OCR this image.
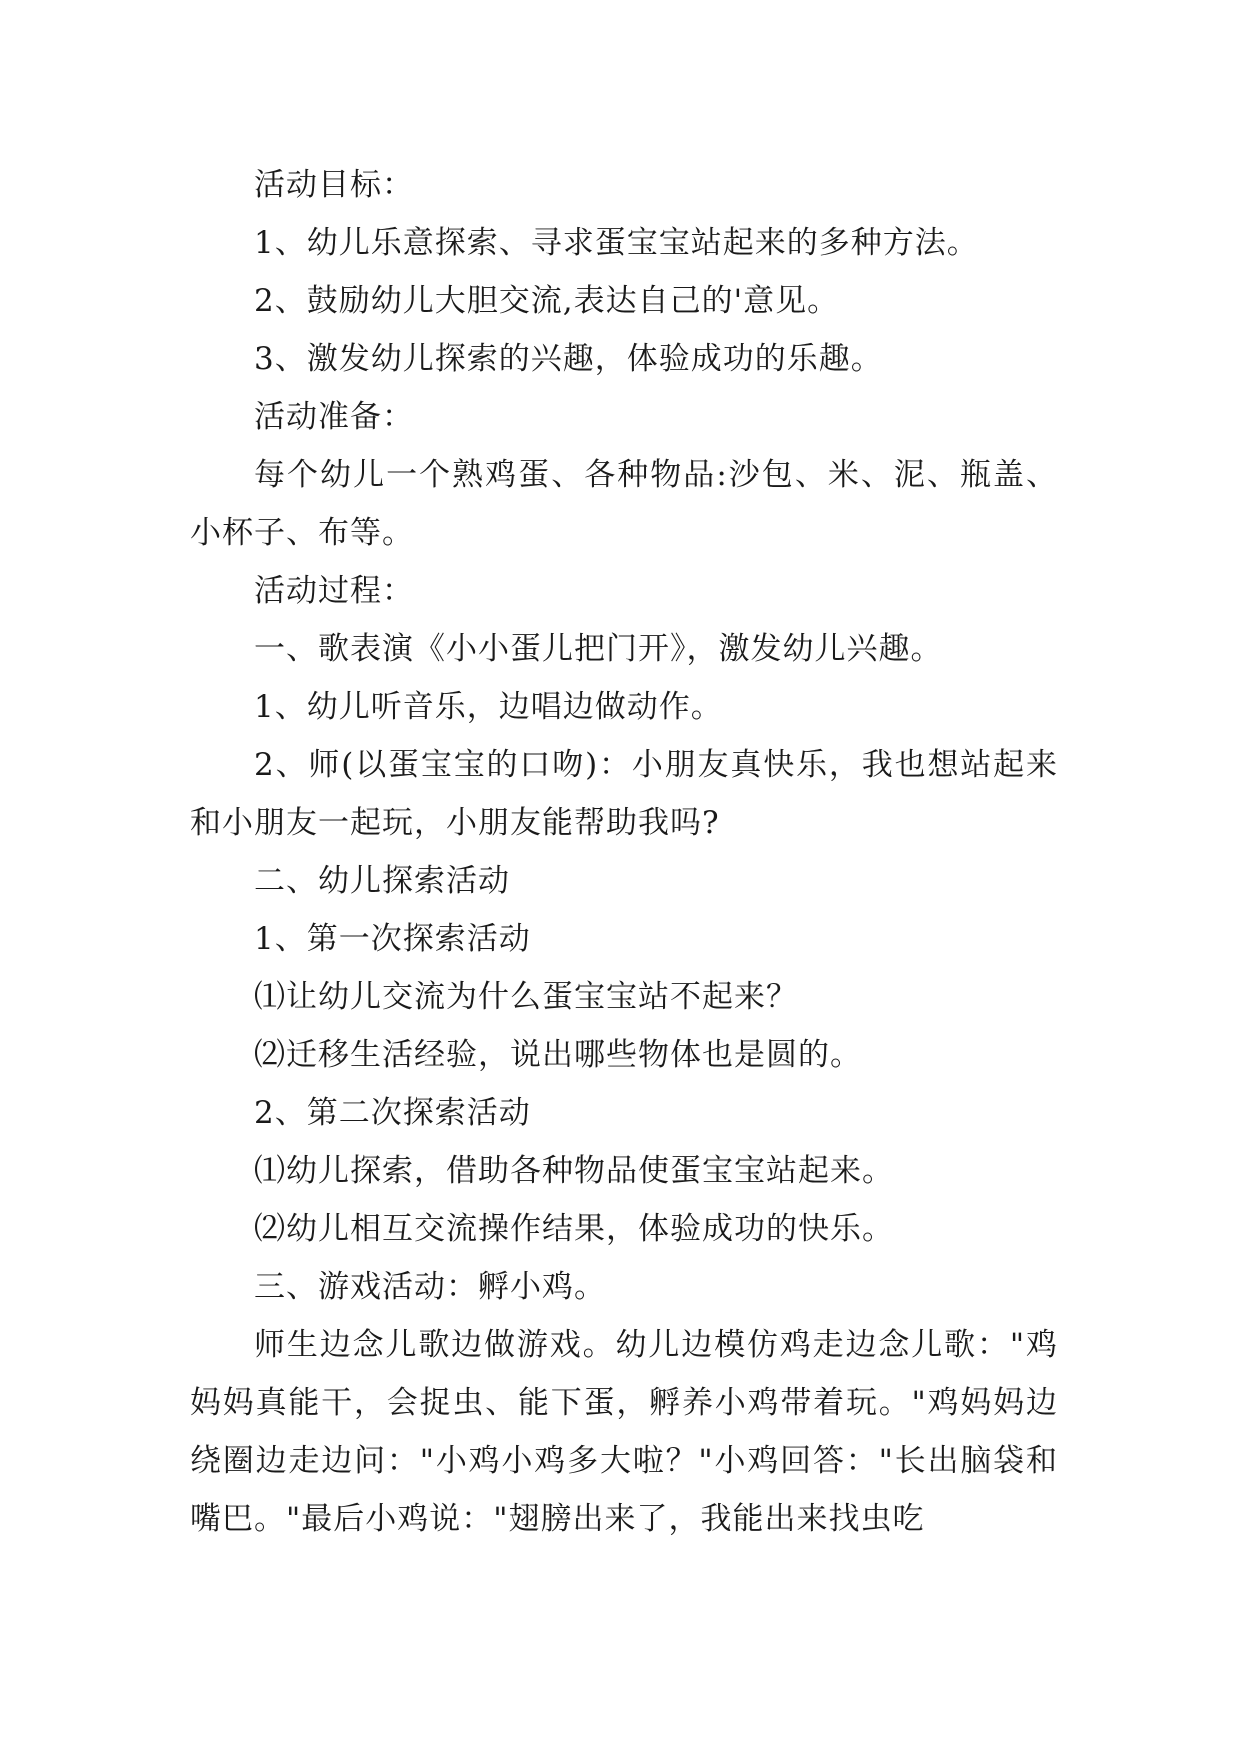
活动目标：

1、幼儿乐意探索、寻求蛋宝宝站起来的多种方法。

2、鼓励幼儿大胆交流,表达自己的'意见。

3、激发幼儿探索的兴趣，体验成功的乐趣。

活动准备：

每个幼儿一个熟鸡蛋、各种物品:沙包、米、泥、瓶盖、小杯子、布等。

活动过程：

一、歌表演《小小蛋儿把门开》，激发幼儿兴趣。

1、幼儿听音乐，边唱边做动作。

2、师(以蛋宝宝的口吻)：小朋友真快乐，我也想站起来和小朋友一起玩，小朋友能帮助我吗?

二、幼儿探索活动

1、第一次探索活动

⑴让幼儿交流为什么蛋宝宝站不起来？

⑵迁移生活经验，说出哪些物体也是圆的。

2、第二次探索活动

⑴幼儿探索，借助各种物品使蛋宝宝站起来。

⑵幼儿相互交流操作结果，体验成功的快乐。

三、游戏活动：孵小鸡。

师生边念儿歌边做游戏。幼儿边模仿鸡走边念儿歌："鸡妈妈真能干，会捉虫、能下蛋，孵养小鸡带着玩。"鸡妈妈边绕圈边走边问："小鸡小鸡多大啦？"小鸡回答："长出脑袋和嘴巴。"最后小鸡说："翅膀出来了，我能出来找虫吃
